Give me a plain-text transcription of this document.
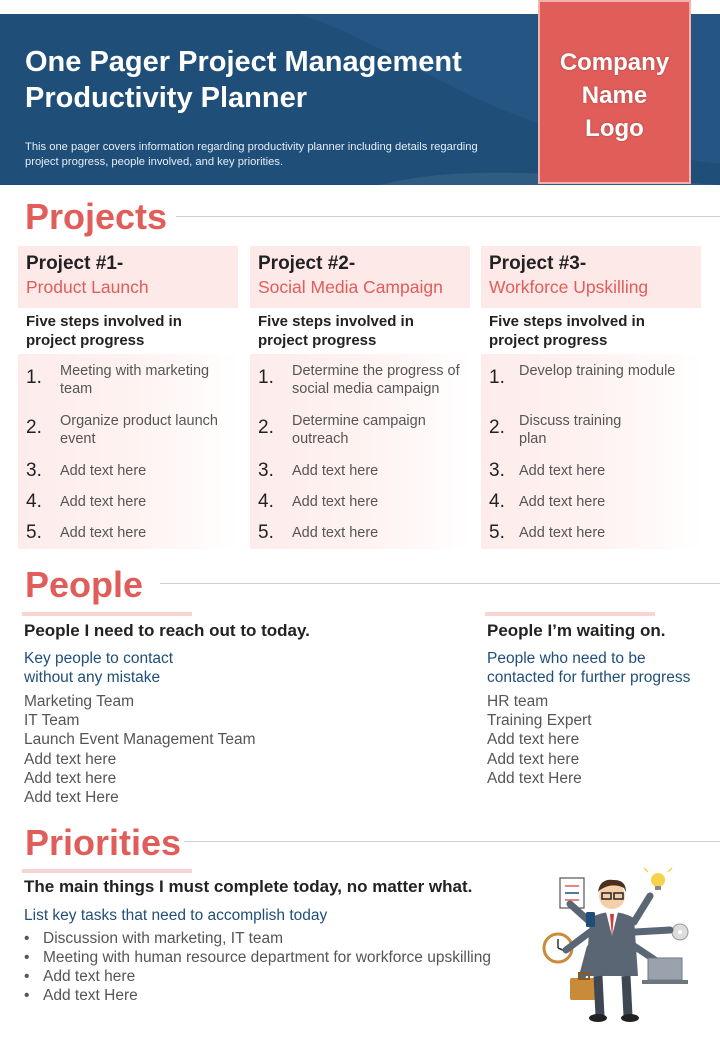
One Pager Project Management Productivity Planner
This one pager covers information regarding productivity planner including details regarding project progress, people involved, and key priorities.
Company
Name
Logo
Projects
Project #1-
Product Launch
Five steps involved in project progress
1. Meeting with marketing team
2. Organize product launch event
3. Add text here
4. Add text here
5. Add text here
Project #2-
Social Media Campaign
Five steps involved in project progress
1. Determine the progress of social media campaign
2. Determine campaign outreach
3. Add text here
4. Add text here
5. Add text here
Project #3-
Workforce Upskilling
Five steps involved in project progress
1. Develop training module
2. Discuss training plan
3. Add text here
4. Add text here
5. Add text here
People
People I need to reach out to today.
Key people to contact without any mistake
Marketing Team
IT Team
Launch Event Management Team
Add text here
Add text here
Add text Here
People I’m waiting on.
People who need to be contacted for further progress
HR team
Training Expert
Add text here
Add text here
Add text Here
Priorities
The main things I must complete today, no matter what.
List key tasks that need to accomplish today
• Discussion with marketing, IT team
• Meeting with human resource department for workforce upskilling
• Add text here
• Add text Here
